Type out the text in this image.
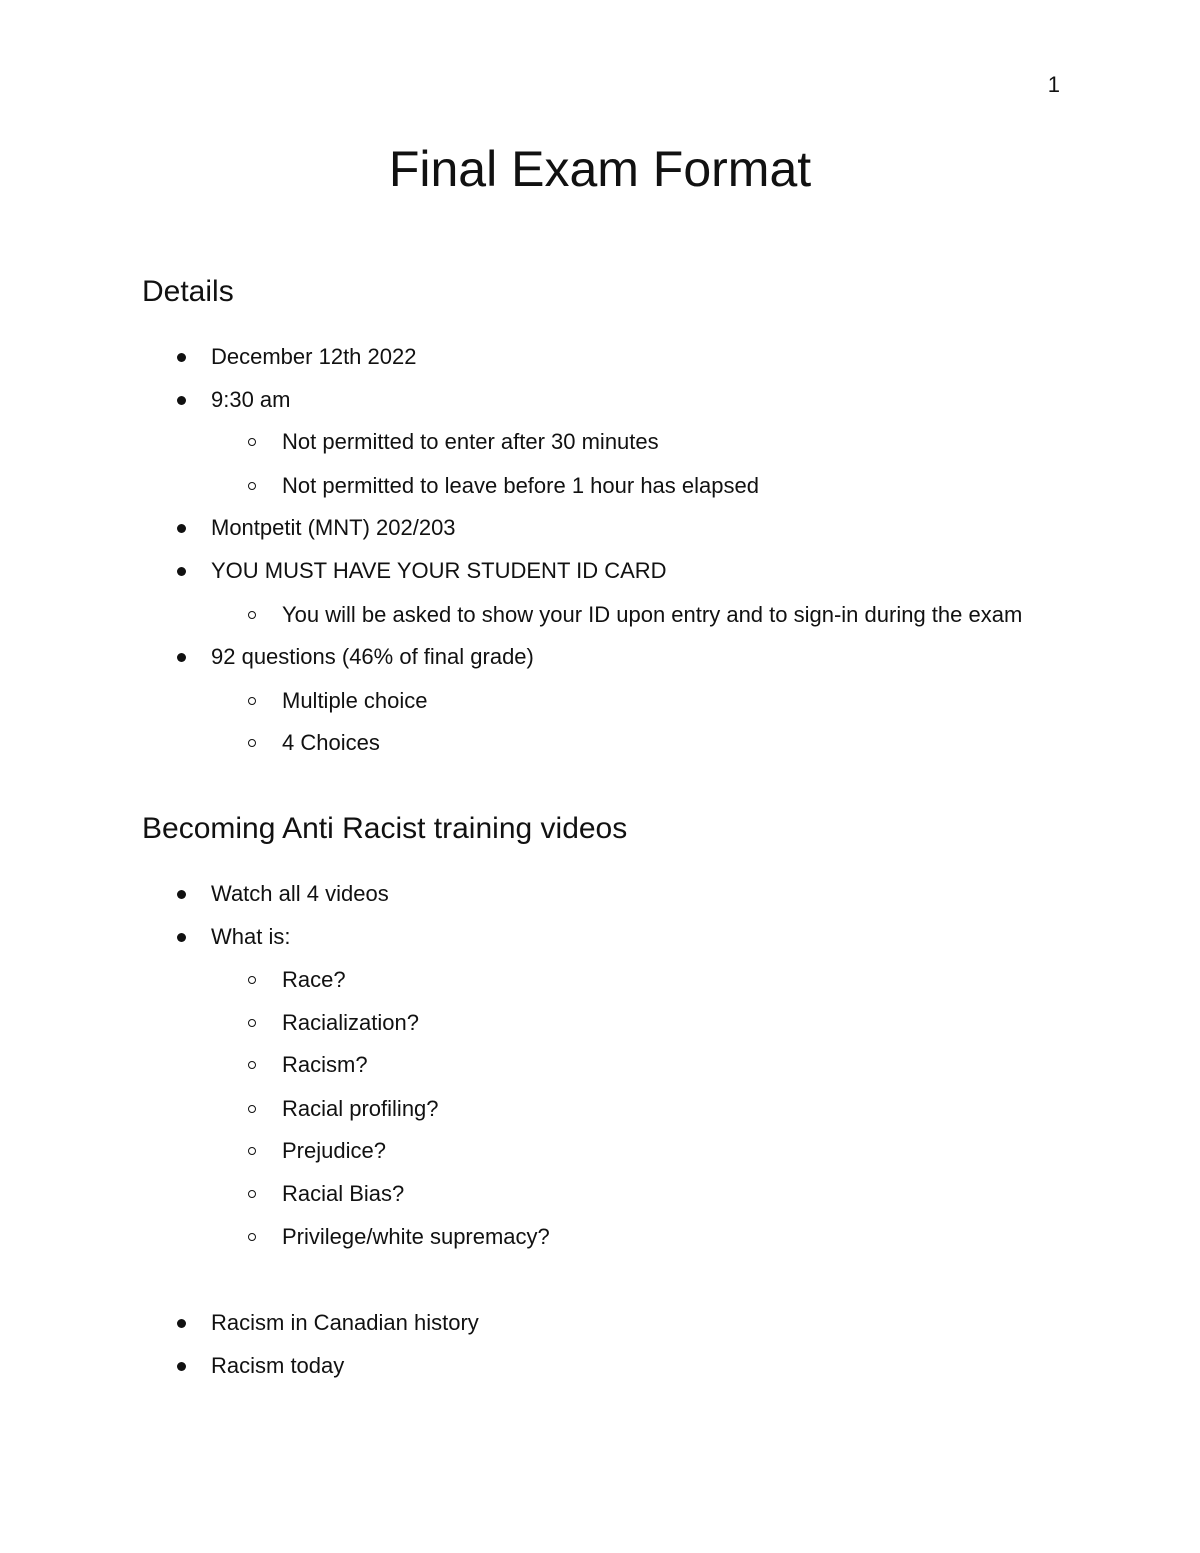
1
Final Exam Format
Details
December 12th 2022
9:30 am
Not permitted to enter after 30 minutes
Not permitted to leave before 1 hour has elapsed
Montpetit (MNT) 202/203
YOU MUST HAVE YOUR STUDENT ID CARD
You will be asked to show your ID upon entry and to sign-in during the exam
92 questions (46% of final grade)
Multiple choice
4 Choices
Becoming Anti Racist training videos
Watch all 4 videos
What is:
Race?
Racialization?
Racism?
Racial profiling?
Prejudice?
Racial Bias?
Privilege/white supremacy?
Racism in Canadian history
Racism today
